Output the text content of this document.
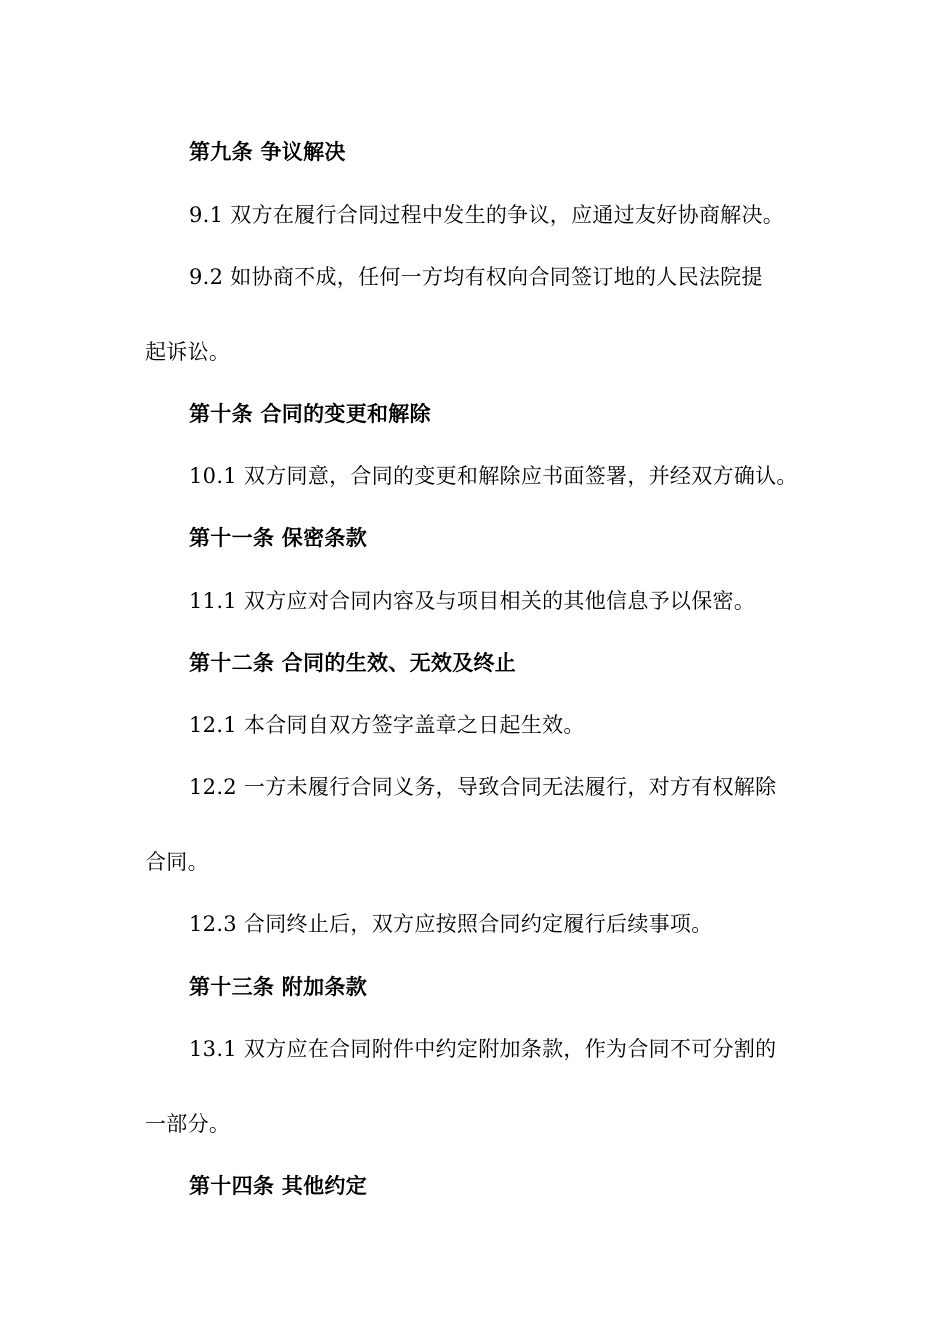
第九条 争议解决
9.1 双方在履行合同过程中发生的争议，应通过友好协商解决。
9.2 如协商不成，任何一方均有权向合同签订地的人民法院提
起诉讼。
第十条 合同的变更和解除
10.1 双方同意，合同的变更和解除应书面签署，并经双方确认。
第十一条 保密条款
11.1 双方应对合同内容及与项目相关的其他信息予以保密。
第十二条 合同的生效、无效及终止
12.1 本合同自双方签字盖章之日起生效。
12.2 一方未履行合同义务，导致合同无法履行，对方有权解除
合同。
12.3 合同终止后，双方应按照合同约定履行后续事项。
第十三条 附加条款
13.1 双方应在合同附件中约定附加条款，作为合同不可分割的
一部分。
第十四条 其他约定
